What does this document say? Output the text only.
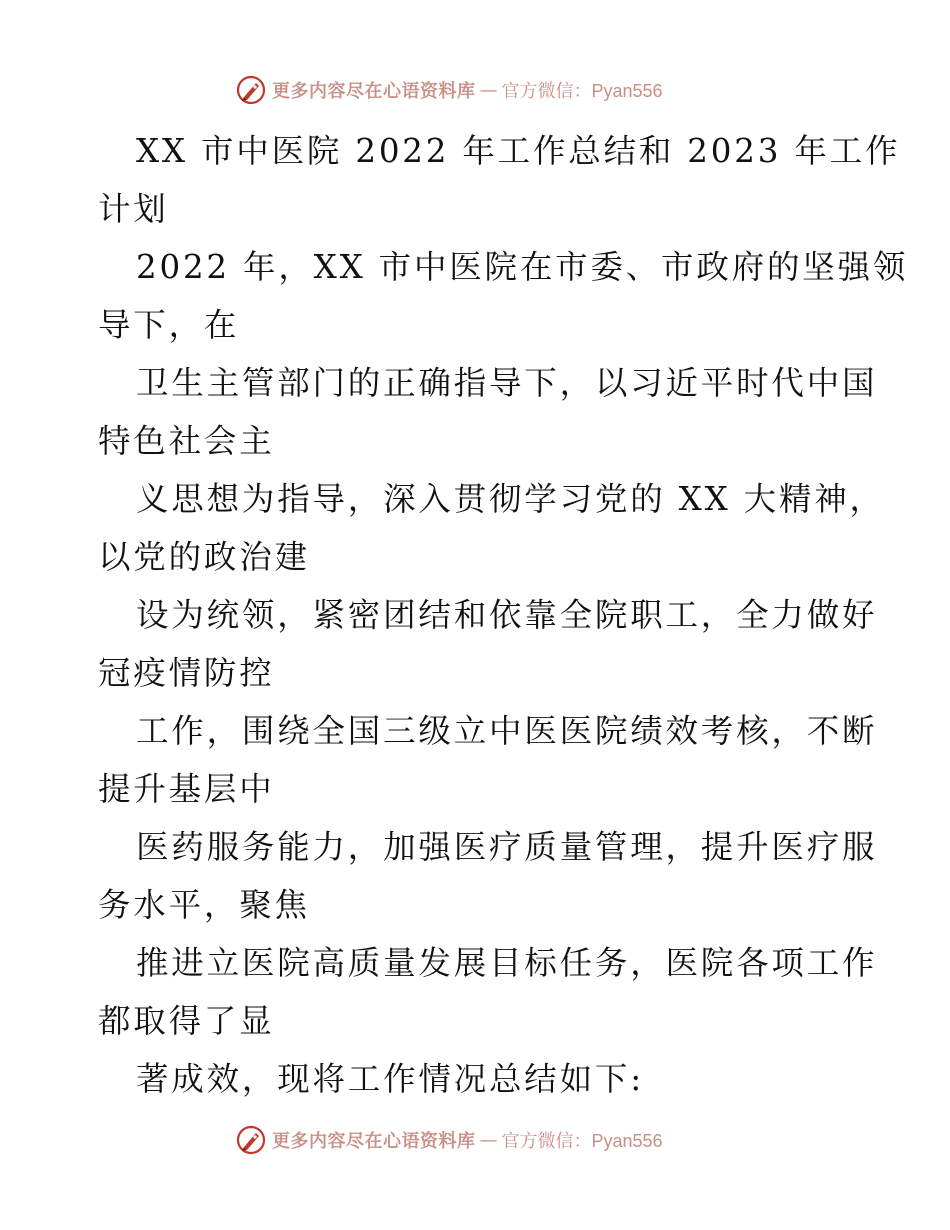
更多内容尽在心语资料库 — 官方微信：Pyan556

XX 市中医院 2022 年工作总结和 2023 年工作
计划

2022 年，XX 市中医院在市委、市政府的坚强领
导下，在

卫生主管部门的正确指导下，以习近平时代中国
特色社会主

义思想为指导，深入贯彻学习党的 XX 大精神，
以党的政治建

设为统领，紧密团结和依靠全院职工，全力做好
冠疫情防控

工作，围绕全国三级立中医医院绩效考核，不断
提升基层中

医药服务能力，加强医疗质量管理，提升医疗服
务水平，聚焦

推进立医院高质量发展目标任务，医院各项工作
都取得了显

著成效，现将工作情况总结如下:

更多内容尽在心语资料库 — 官方微信：Pyan556
